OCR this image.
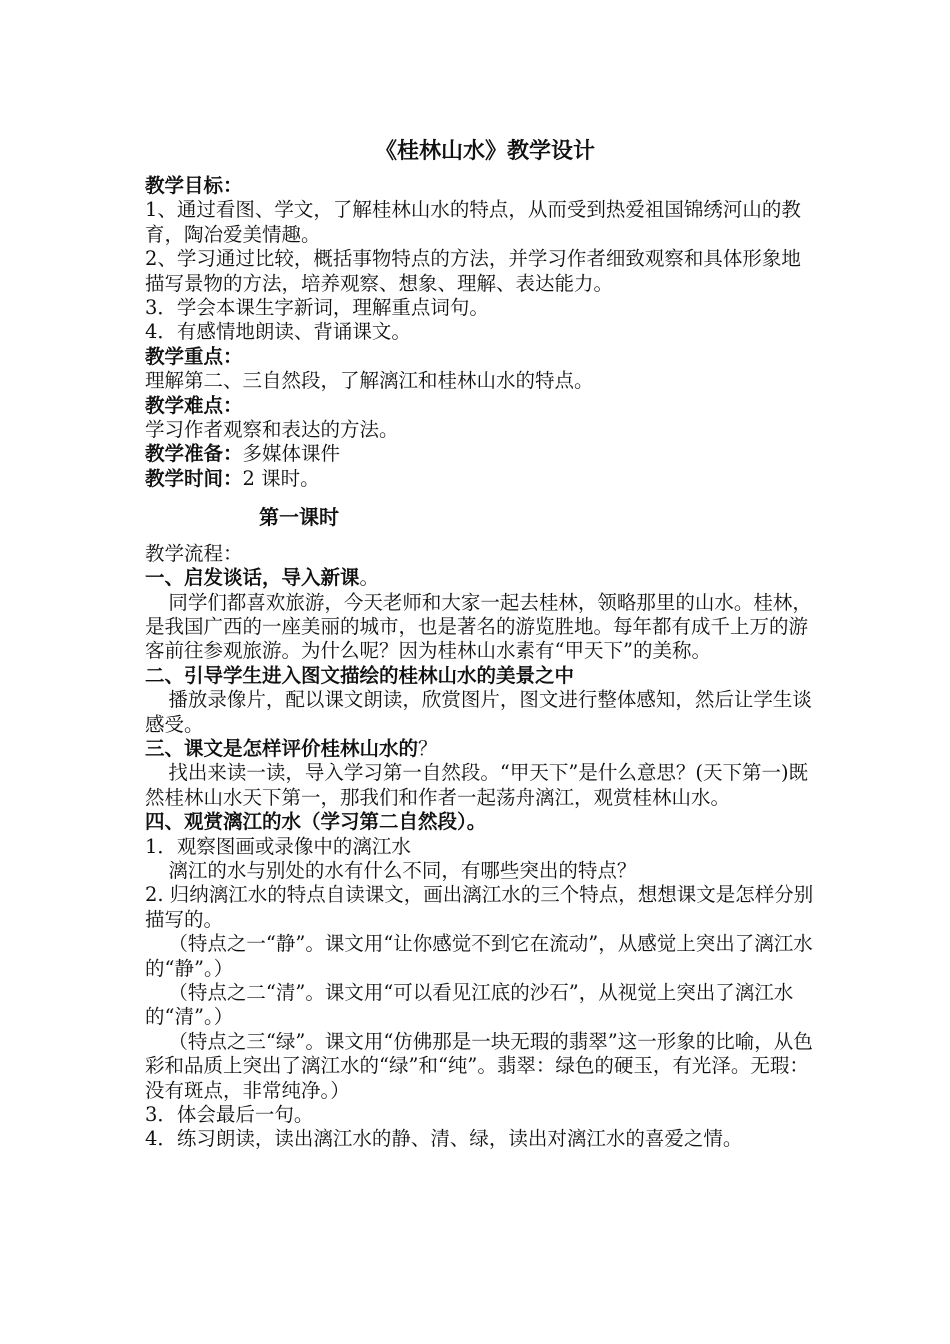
《桂林山水》教学设计

教学目标：

1、通过看图、学文，了解桂林山水的特点，从而受到热爱祖国锦绣河山的教育，陶冶爱美情趣。

2、学习通过比较，概括事物特点的方法，并学习作者细致观察和具体形象地描写景物的方法，培养观察、想象、理解、表达能力。

3．学会本课生字新词，理解重点词句。

4．有感情地朗读、背诵课文。

教学重点：

理解第二、三自然段，了解漓江和桂林山水的特点。

教学难点：

学习作者观察和表达的方法。

教学准备：多媒体课件

教学时间：2 课时。

第一课时

教学流程：

一、启发谈话，导入新课。

同学们都喜欢旅游，今天老师和大家一起去桂林，领略那里的山水。桂林，是我国广西的一座美丽的城市，也是著名的游览胜地。每年都有成千上万的游客前往参观旅游。为什么呢？因为桂林山水素有“甲天下”的美称。

二、引导学生进入图文描绘的桂林山水的美景之中

播放录像片，配以课文朗读，欣赏图片，图文进行整体感知，然后让学生谈感受。

三、课文是怎样评价桂林山水的？

找出来读一读，导入学习第一自然段。“甲天下”是什么意思？(天下第一)既然桂林山水天下第一，那我们和作者一起荡舟漓江，观赏桂林山水。

四、观赏漓江的水（学习第二自然段）。

1．观察图画或录像中的漓江水

漓江的水与别处的水有什么不同，有哪些突出的特点？

2. 归纳漓江水的特点自读课文，画出漓江水的三个特点，想想课文是怎样分别描写的。

（特点之一“静”。课文用“让你感觉不到它在流动”，从感觉上突出了漓江水的“静”。）

（特点之二“清”。课文用“可以看见江底的沙石”，从视觉上突出了漓江水的“清”。）

（特点之三“绿”。课文用“仿佛那是一块无瑕的翡翠”这一形象的比喻，从色彩和品质上突出了漓江水的“绿”和“纯”。翡翠：绿色的硬玉，有光泽。无瑕：没有斑点，非常纯净。）

3．体会最后一句。

4．练习朗读，读出漓江水的静、清、绿，读出对漓江水的喜爱之情。
